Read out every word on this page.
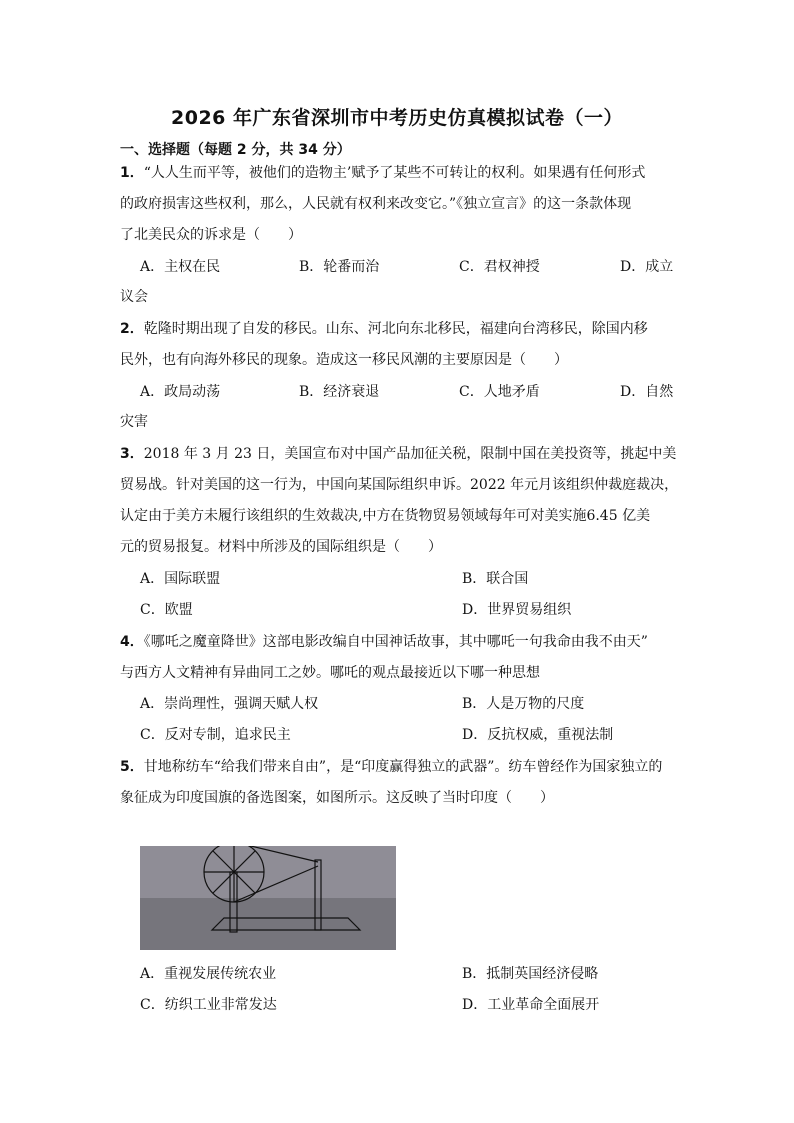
2026 年广东省深圳市中考历史仿真模拟试卷（一）
一、选择题（每题 2 分，共 34 分）
1．“人人生而平等，被他们的造物主’赋予了某些不可转让的权利。如果遇有任何形式
的政府损害这些权利，那么，人民就有权利来改变它。”《独立宣言》的这一条款体现
了北美民众的诉求是（　　）
A．主权在民	B．轮番而治	C．君权神授	D．成立
议会
2．乾隆时期出现了自发的移民。山东、河北向东北移民，福建向台湾移民，除国内移
民外，也有向海外移民的现象。造成这一移民风潮的主要原因是（　　）
A．政局动荡	B．经济衰退	C．人地矛盾	D．自然
灾害
3．2018 年 3 月 23 日，美国宣布对中国产品加征关税，限制中国在美投资等，挑起中美
贸易战。针对美国的这一行为，中国向某国际组织申诉。2022 年元月该组织仲裁庭裁决，
认定由于美方未履行该组织的生效裁决,中方在货物贸易领域每年可对美实施6.45 亿美
元的贸易报复。材料中所涉及的国际组织是（　　）
A．国际联盟	B．联合国
C．欧盟	D．世界贸易组织
4．《哪吒之魔童降世》这部电影改编自中国神话故事，其中哪吒一句我命由我不由天”
与西方人文精神有异曲同工之妙。哪吒的观点最接近以下哪一种思想
A．崇尚理性，强调天赋人权	B．人是万物的尺度
C．反对专制，追求民主	D．反抗权威，重视法制
5．甘地称纺车“给我们带来自由”，是“印度赢得独立的武器”。纺车曾经作为国家独立的
象征成为印度国旗的备选图案，如图所示。这反映了当时印度（　　）
A．重视发展传统农业	B．抵制英国经济侵略
C．纺织工业非常发达	D．工业革命全面展开
